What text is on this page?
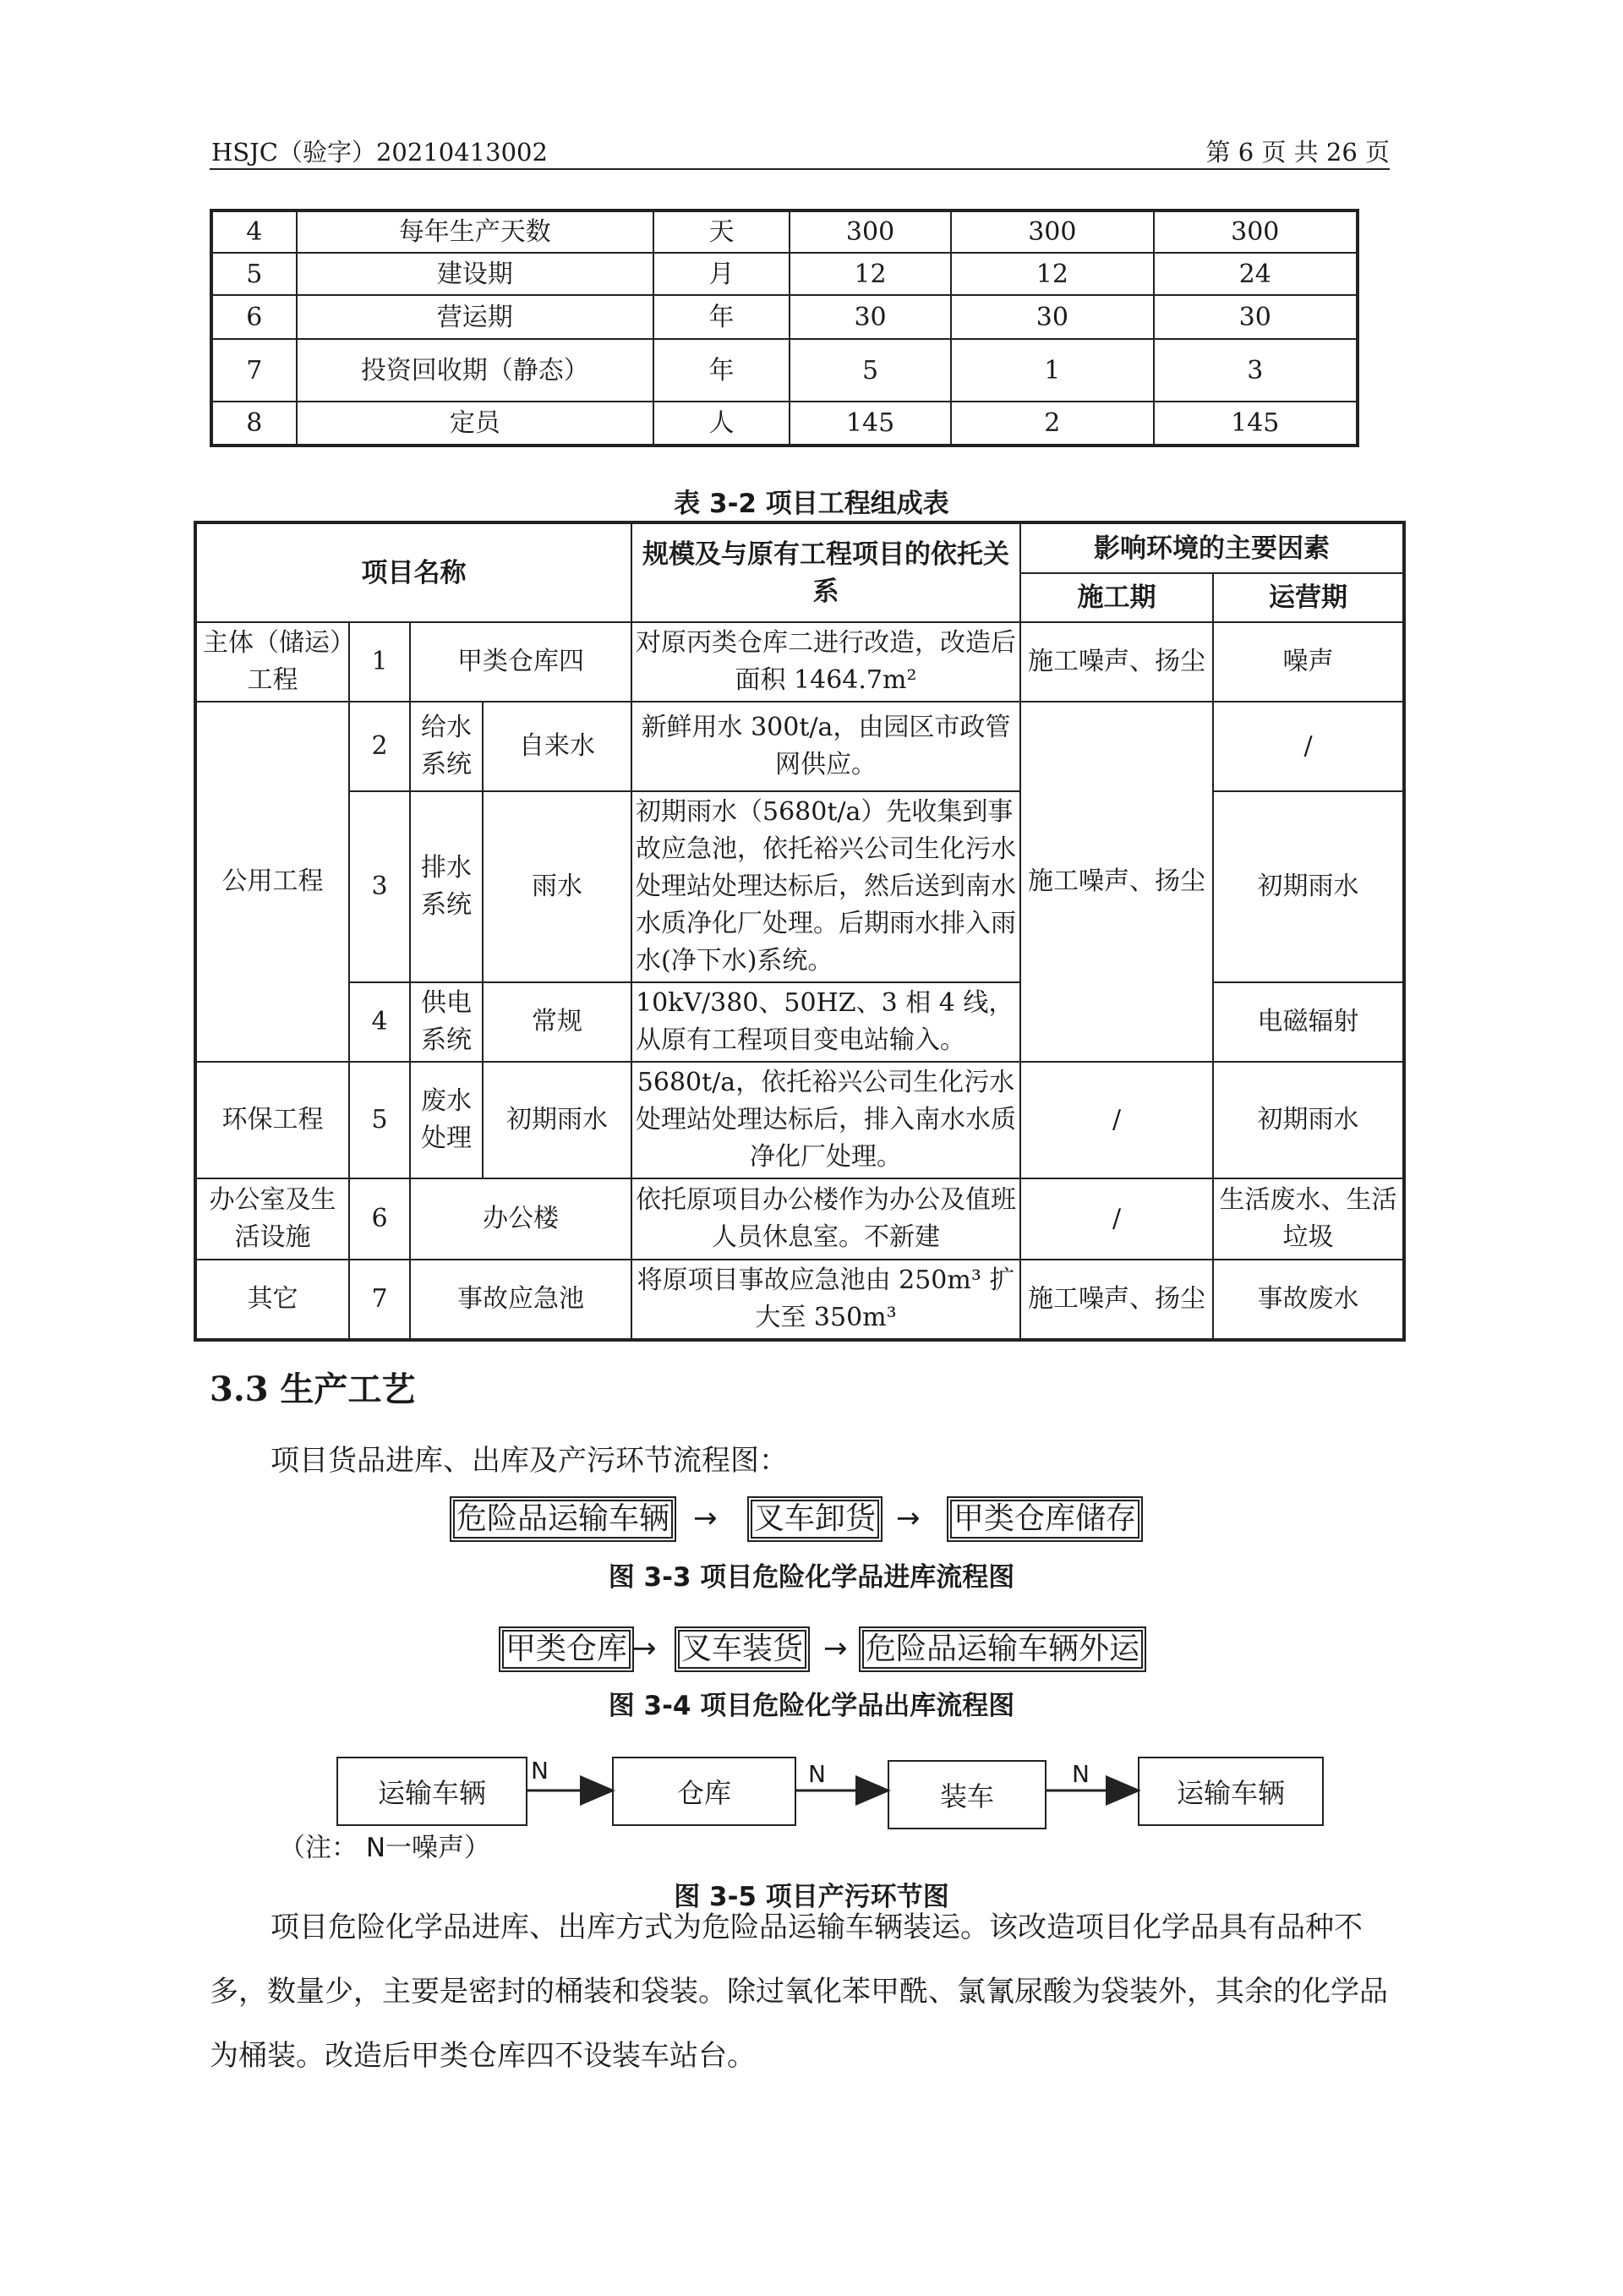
HSJC（验字）20210413002	第 6 页 共 26 页
4	每年生产天数	天	300	300	300
5	建设期	月	12	12	24
6	营运期	年	30	30	30
7	投资回收期（静态）	年	5	1	3
8	定员	人	145	2	145
表 3-2 项目工程组成表
项目名称				规模及与原有工程项目的依托关系	影响环境的主要因素	
					施工期	运营期
主体（储运）工程	1	甲类仓库四		对原丙类仓库二进行改造，改造后面积 1464.7m²	施工噪声、扬尘	噪声
公用工程	2	给水系统	自来水	新鲜用水 300t/a，由园区市政管网供应。	施工噪声、扬尘	/
	3	排水系统	雨水	初期雨水（5680t/a）先收集到事故应急池，依托裕兴公司生化污水处理站处理达标后，然后送到南水水质净化厂处理。后期雨水排入雨水(净下水)系统。		初期雨水
	4	供电系统	常规	10kV/380、50HZ、3 相 4 线，从原有工程项目变电站输入。		电磁辐射
环保工程	5	废水处理	初期雨水	5680t/a，依托裕兴公司生化污水处理站处理达标后，排入南水水质净化厂处理。	/	初期雨水
办公室及生活设施	6	办公楼		依托原项目办公楼作为办公及值班人员休息室。不新建	/	生活废水、生活垃圾
其它	7	事故应急池		将原项目事故应急池由 250m³ 扩大至 350m³	施工噪声、扬尘	事故废水
3.3 生产工艺
项目货品进库、出库及产污环节流程图：
危险品运输车辆 → 叉车卸货 → 甲类仓库储存
图 3-3 项目危险化学品进库流程图
甲类仓库 → 叉车装货 → 危险品运输车辆外运
图 3-4 项目危险化学品出库流程图
运输车辆	仓库	装车	运输车辆
N	N	N
（注： N一噪声）
图 3-5 项目产污环节图
项目危险化学品进库、出库方式为危险品运输车辆装运。该改造项目化学品具有品种不多，数量少，主要是密封的桶装和袋装。除过氧化苯甲酰、氯氰尿酸为袋装外，其余的化学品为桶装。改造后甲类仓库四不设装车站台。
